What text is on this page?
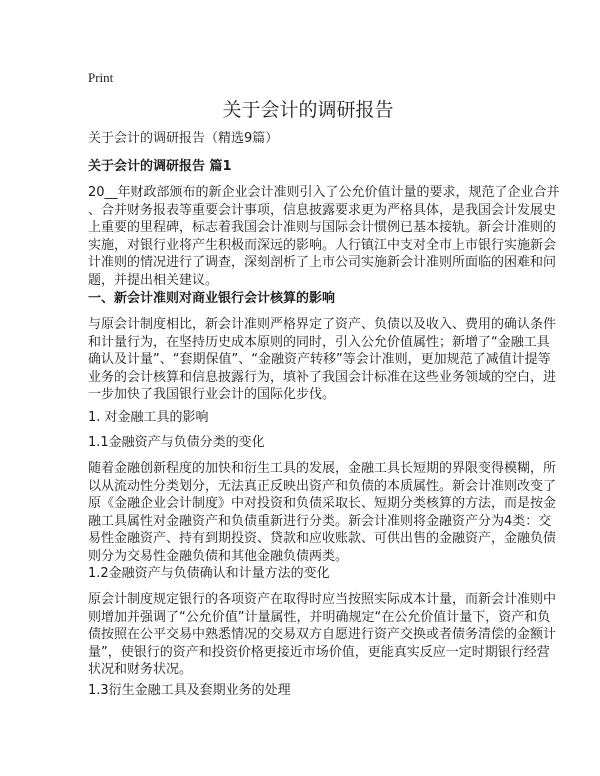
Print
关于会计的调研报告
关于会计的调研报告（精选9篇）
关于会计的调研报告 篇1
20__年财政部颁布的新企业会计准则引入了公允价值计量的要求，规范了企业合并
、合并财务报表等重要会计事项，信息披露要求更为严格具体，是我国会计发展史
上重要的里程碑，标志着我国会计准则与国际会计惯例已基本接轨。新会计准则的
实施，对银行业将产生积极而深远的影响。人行镇江中支对全市上市银行实施新会
计准则的情况进行了调查，深刻剖析了上市公司实施新会计准则所面临的困难和问
题，并提出相关建议。
一、新会计准则对商业银行会计核算的影响
与原会计制度相比，新会计准则严格界定了资产、负债以及收入、费用的确认条件
和计量行为，在坚持历史成本原则的同时，引入公允价值属性；新增了“金融工具
确认及计量”、“套期保值”、“金融资产转移”等会计准则，更加规范了减值计提等
业务的会计核算和信息披露行为，填补了我国会计标准在这些业务领域的空白，进
一步加快了我国银行业会计的国际化步伐。
1. 对金融工具的影响
1.1金融资产与负债分类的变化
随着金融创新程度的加快和衍生工具的发展，金融工具长短期的界限变得模糊，所
以从流动性分类划分，无法真正反映出资产和负债的本质属性。新会计准则改变了
原《金融企业会计制度》中对投资和负债采取长、短期分类核算的方法，而是按金
融工具属性对金融资产和负债重新进行分类。新会计准则将金融资产分为4类：交
易性金融资产、持有到期投资、贷款和应收账款、可供出售的金融资产，金融负债
则分为交易性金融负债和其他金融负债两类。
1.2金融资产与负债确认和计量方法的变化
原会计制度规定银行的各项资产在取得时应当按照实际成本计量，而新会计准则中
则增加并强调了“公允价值”计量属性，并明确规定“在公允价值计量下，资产和负
债按照在公平交易中熟悉情况的交易双方自愿进行资产交换或者债务清偿的金额计
量”，使银行的资产和投资价格更接近市场价值，更能真实反应一定时期银行经营
状况和财务状况。
1.3衍生金融工具及套期业务的处理
